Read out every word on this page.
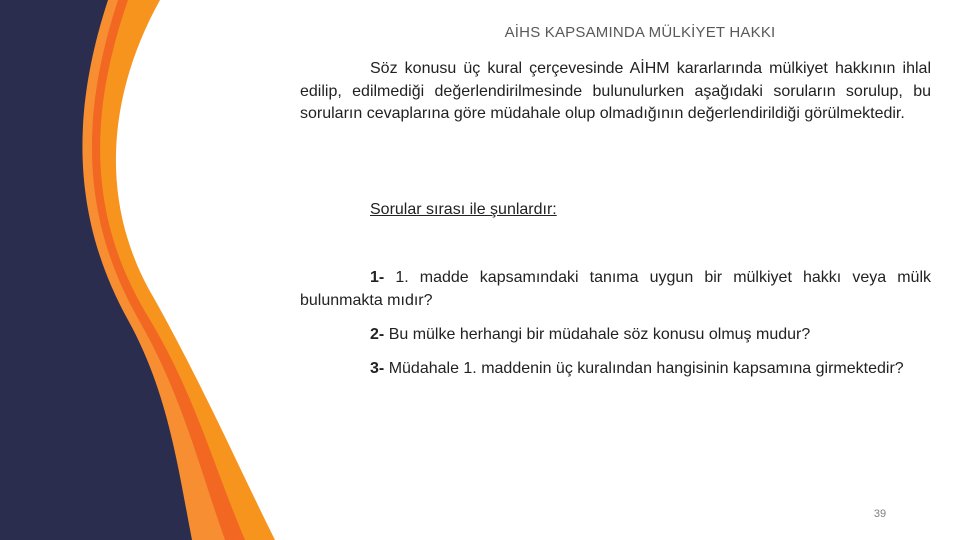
AİHS KAPSAMINDA MÜLKİYET HAKKI
Söz konusu üç kural çerçevesinde AİHM kararlarında mülkiyet hakkının ihlal edilip, edilmediği değerlendirilmesinde bulunulurken aşağıdaki soruların sorulup, bu soruların cevaplarına göre müdahale olup olmadığının değerlendirildiği görülmektedir.
Sorular sırası ile şunlardır:
1- 1. madde kapsamındaki tanıma uygun bir mülkiyet hakkı veya mülk bulunmakta mıdır?
2- Bu mülke herhangi bir müdahale söz konusu olmuş mudur?
3- Müdahale 1. maddenin üç kuralından hangisinin kapsamına girmektedir?
39
